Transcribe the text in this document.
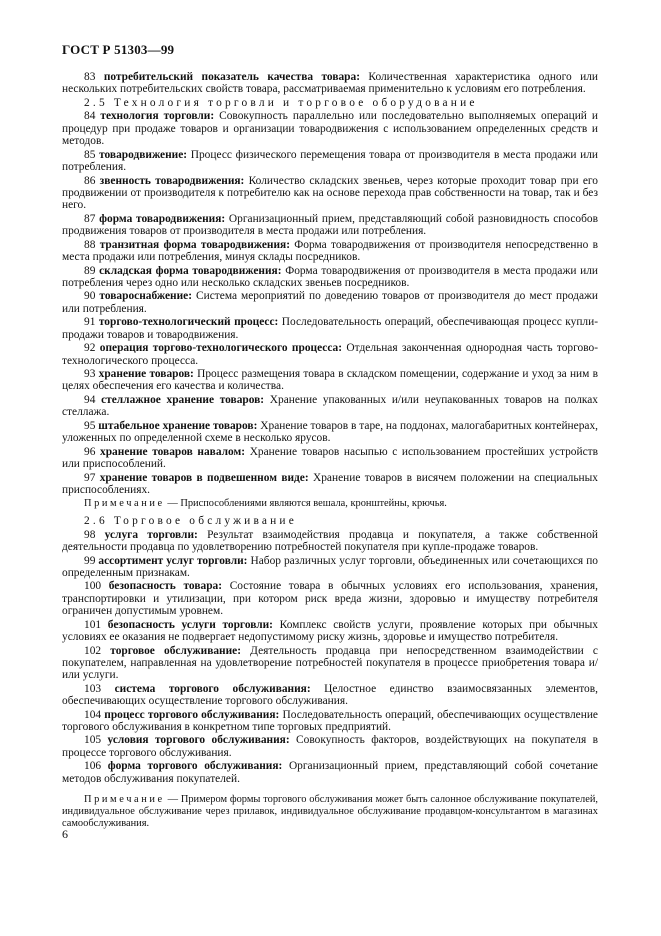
ГОСТ Р 51303—99
83 потребительский показатель качества товара: Количественная характеристика одного или нескольких потребительских свойств товара, рассматриваемая применительно к условиям его потребления.
2.5 Технология торговли и торговое оборудование
84 технология торговли: Совокупность параллельно или последовательно выполняемых операций и процедур при продаже товаров и организации товародвижения с использованием определенных средств и методов.
85 товародвижение: Процесс физического перемещения товара от производителя в места продажи или потребления.
86 звенность товародвижения: Количество складских звеньев, через которые проходит товар при его продвижении от производителя к потребителю как на основе перехода прав собственности на товар, так и без него.
87 форма товародвижения: Организационный прием, представляющий собой разновидность способов продвижения товаров от производителя в места продажи или потребления.
88 транзитная форма товародвижения: Форма товародвижения от производителя непосредственно в места продажи или потребления, минуя склады посредников.
89 складская форма товародвижения: Форма товародвижения от производителя в места продажи или потребления через одно или несколько складских звеньев посредников.
90 товароснабжение: Система мероприятий по доведению товаров от производителя до мест продажи или потребления.
91 торгово-технологический процесс: Последовательность операций, обеспечивающая процесс купли-продажи товаров и товародвижения.
92 операция торгово-технологического процесса: Отдельная законченная однородная часть торгово-технологического процесса.
93 хранение товаров: Процесс размещения товара в складском помещении, содержание и уход за ним в целях обеспечения его качества и количества.
94 стеллажное хранение товаров: Хранение упакованных и/или неупакованных товаров на полках стеллажа.
95 штабельное хранение товаров: Хранение товаров в таре, на поддонах, малогабаритных контейнерах, уложенных по определенной схеме в несколько ярусов.
96 хранение товаров навалом: Хранение товаров насыпью с использованием простейших устройств или приспособлений.
97 хранение товаров в подвешенном виде: Хранение товаров в висячем положении на специальных приспособлениях.
Примечание — Приспособлениями являются вешала, кронштейны, крючья.
2.6 Торговое обслуживание
98 услуга торговли: Результат взаимодействия продавца и покупателя, а также собственной деятельности продавца по удовлетворению потребностей покупателя при купле-продаже товаров.
99 ассортимент услуг торговли: Набор различных услуг торговли, объединенных или сочетающихся по определенным признакам.
100 безопасность товара: Состояние товара в обычных условиях его использования, хранения, транспортировки и утилизации, при котором риск вреда жизни, здоровью и имуществу потребителя ограничен допустимым уровнем.
101 безопасность услуги торговли: Комплекс свойств услуги, проявление которых при обычных условиях ее оказания не подвергает недопустимому риску жизнь, здоровье и имущество потребителя.
102 торговое обслуживание: Деятельность продавца при непосредственном взаимодействии с покупателем, направленная на удовлетворение потребностей покупателя в процессе приобретения товара и/или услуги.
103 система торгового обслуживания: Целостное единство взаимосвязанных элементов, обеспечивающих осуществление торгового обслуживания.
104 процесс торгового обслуживания: Последовательность операций, обеспечивающих осуществление торгового обслуживания в конкретном типе торговых предприятий.
105 условия торгового обслуживания: Совокупность факторов, воздействующих на покупателя в процессе торгового обслуживания.
106 форма торгового обслуживания: Организационный прием, представляющий собой сочетание методов обслуживания покупателей.
Примечание — Примером формы торгового обслуживания может быть салонное обслуживание покупателей, индивидуальное обслуживание через прилавок, индивидуальное обслуживание продавцом-консультантом в магазинах самообслуживания.
6
